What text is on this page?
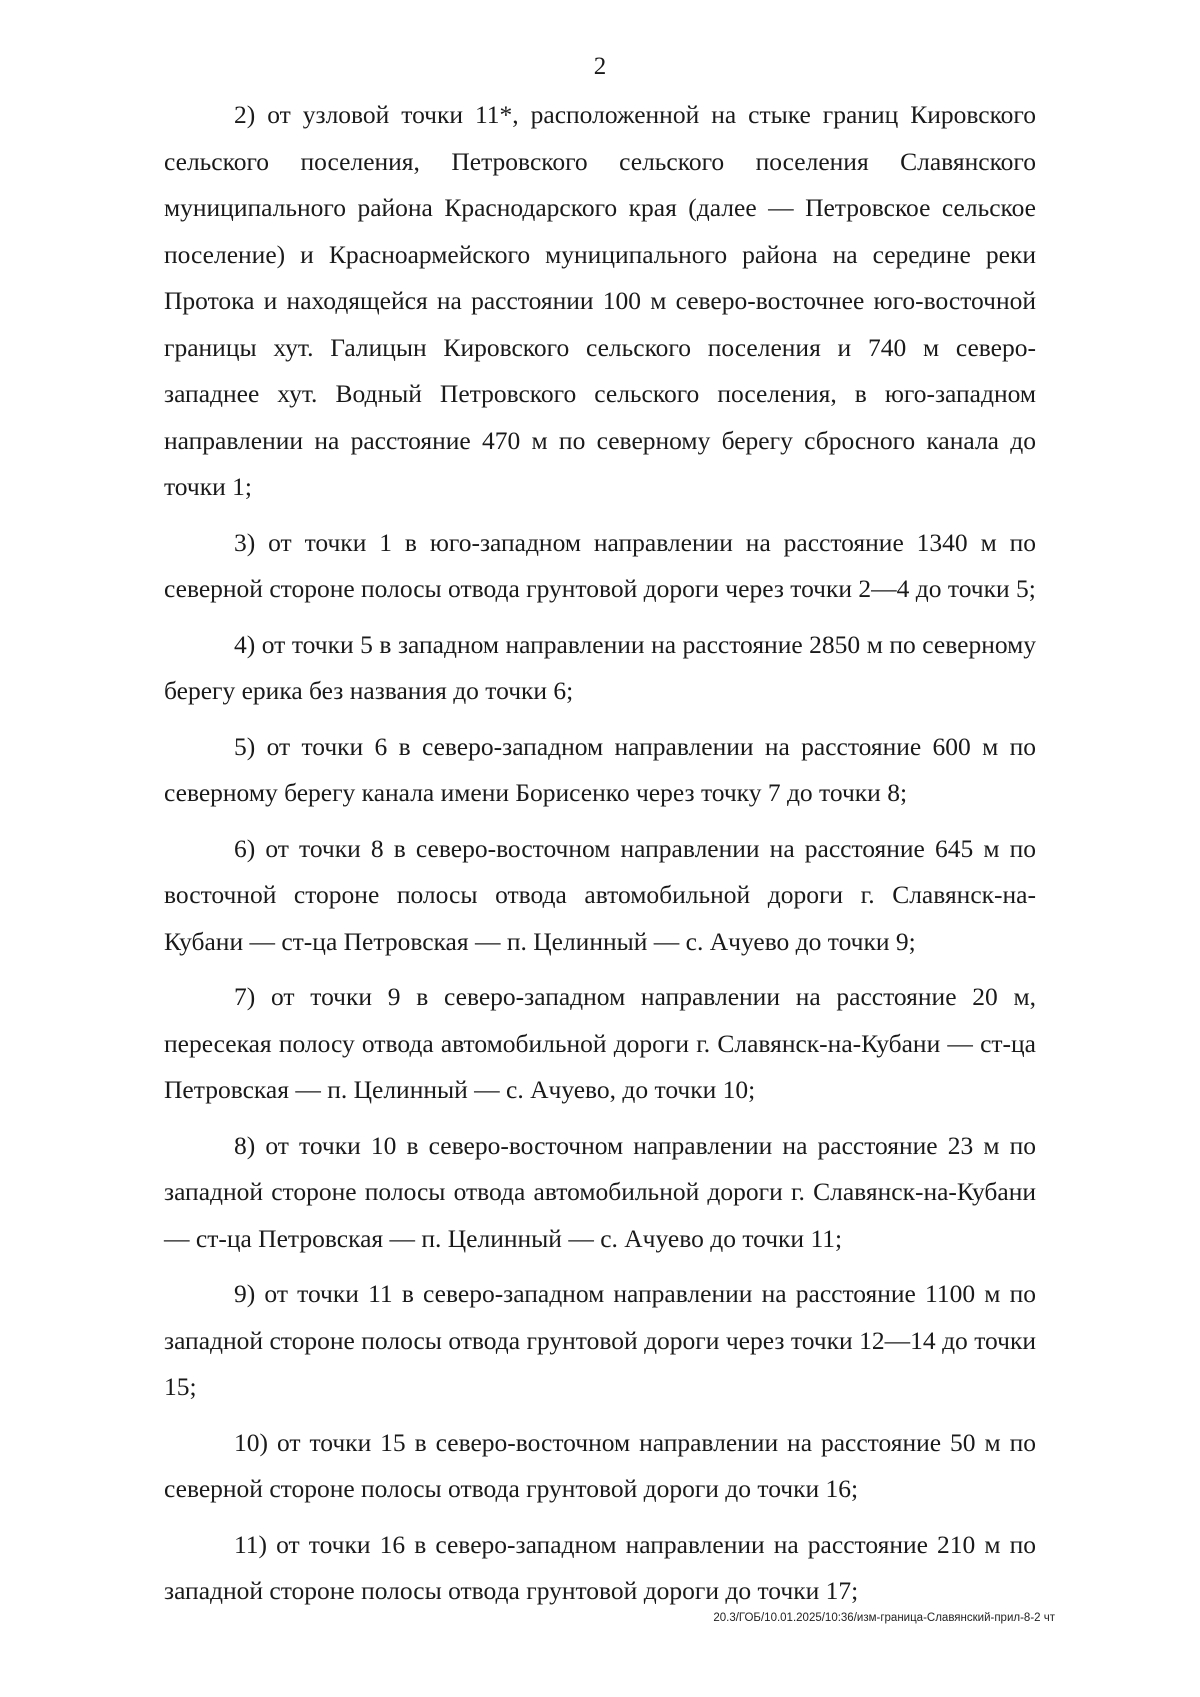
2

2) от узловой точки 11*, расположенной на стыке границ Кировского сельского поселения, Петровского сельского поселения Славянского муниципального района Краснодарского края (далее — Петровское сельское поселение) и Красноармейского муниципального района на середине реки Протока и находящейся на расстоянии 100 м северо-восточнее юго-восточной границы хут. Галицын Кировского сельского поселения и 740 м северо-западнее хут. Водный Петровского сельского поселения, в юго-западном направлении на расстояние 470 м по северному берегу сбросного канала до точки 1;

3) от точки 1 в юго-западном направлении на расстояние 1340 м по северной стороне полосы отвода грунтовой дороги через точки 2—4 до точки 5;

4) от точки 5 в западном направлении на расстояние 2850 м по северному берегу ерика без названия до точки 6;

5) от точки 6 в северо-западном направлении на расстояние 600 м по северному берегу канала имени Борисенко через точку 7 до точки 8;

6) от точки 8 в северо-восточном направлении на расстояние 645 м по восточной стороне полосы отвода автомобильной дороги г. Славянск-на-Кубани — ст-ца Петровская — п. Целинный — с. Ачуево до точки 9;

7) от точки 9 в северо-западном направлении на расстояние 20 м, пересекая полосу отвода автомобильной дороги г. Славянск-на-Кубани — ст-ца Петровская — п. Целинный — с. Ачуево, до точки 10;

8) от точки 10 в северо-восточном направлении на расстояние 23 м по западной стороне полосы отвода автомобильной дороги г. Славянск-на-Кубани — ст-ца Петровская — п. Целинный — с. Ачуево до точки 11;

9) от точки 11 в северо-западном направлении на расстояние 1100 м по западной стороне полосы отвода грунтовой дороги через точки 12—14 до точки 15;

10) от точки 15 в северо-восточном направлении на расстояние 50 м по северной стороне полосы отвода грунтовой дороги до точки 16;

11) от точки 16 в северо-западном направлении на расстояние 210 м по западной стороне полосы отвода грунтовой дороги до точки 17;

20.3/ГОБ/10.01.2025/10:36/изм-граница-Славянский-прил-8-2 чт
